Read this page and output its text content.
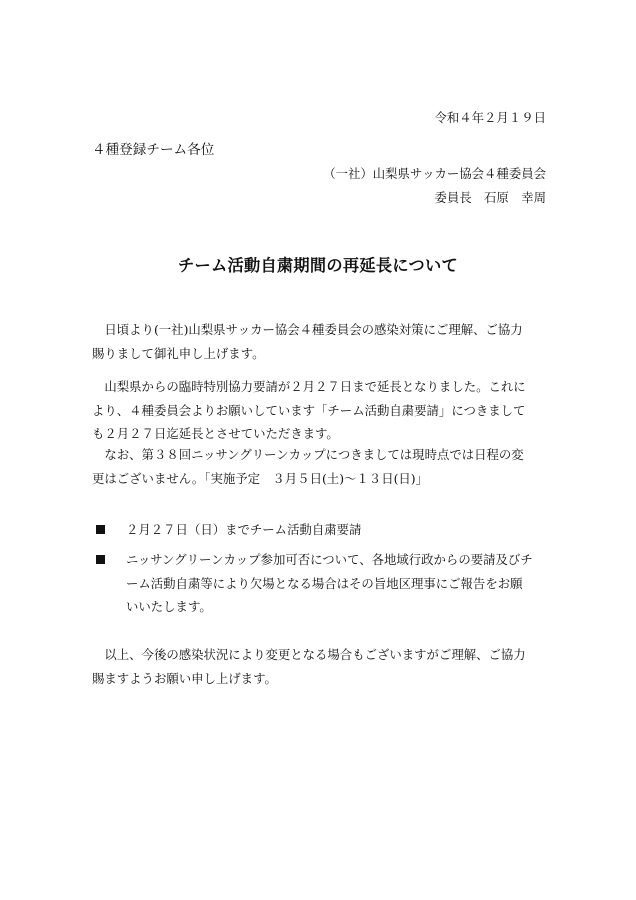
令和４年２月１９日

４種登録チーム各位

（一社）山梨県サッカー協会４種委員会

委員長　石原　幸周

チーム活動自粛期間の再延長について
　日頃より(一社)山梨県サッカー協会４種委員会の感染対策にご理解、ご協力
賜りまして御礼申し上げます。
　山梨県からの臨時特別協力要請が２月２７日まで延長となりました。これに
より、４種委員会よりお願いしています「チーム活動自粛要請」につきまして
も２月２７日迄延長とさせていただきます。
　なお、第３８回ニッサングリーンカップにつきましては現時点では日程の変
更はございません。「実施予定　３月５日(土)～１３日(日)」
２月２７日（日）までチーム活動自粛要請
ニッサングリーンカップ参加可否について、各地域行政からの要請及びチ
ーム活動自粛等により欠場となる場合はその旨地区理事にご報告をお願
いいたします。
　以上、今後の感染状況により変更となる場合もございますがご理解、ご協力
賜ますようお願い申し上げます。
